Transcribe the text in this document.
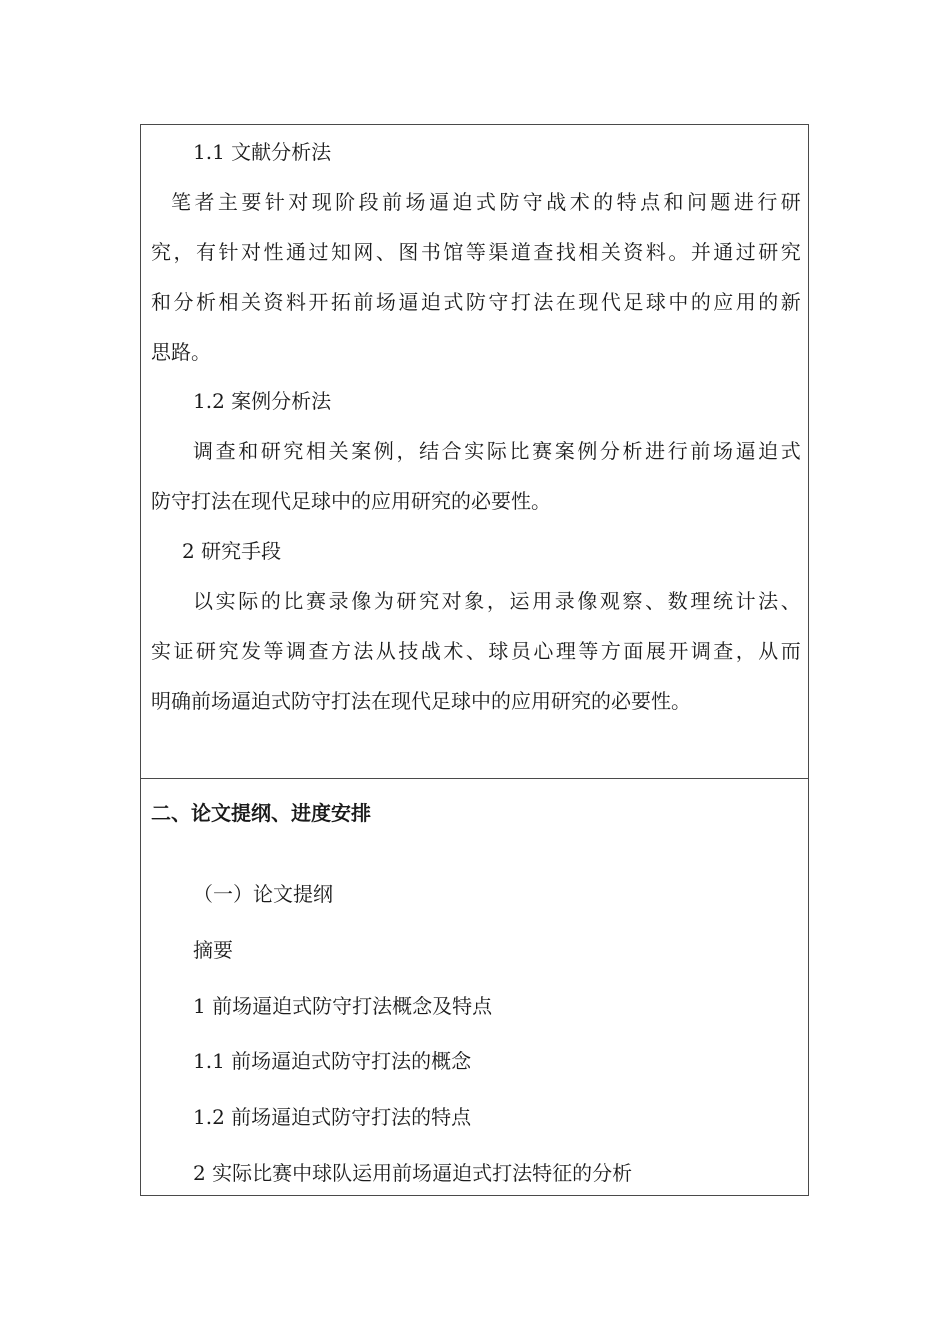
1.1 文献分析法
笔者主要针对现阶段前场逼迫式防守战术的特点和问题进行研
究，有针对性通过知网、图书馆等渠道查找相关资料。并通过研究
和分析相关资料开拓前场逼迫式防守打法在现代足球中的应用的新
思路。
1.2 案例分析法
调查和研究相关案例，结合实际比赛案例分析进行前场逼迫式
防守打法在现代足球中的应用研究的必要性。
2 研究手段
以实际的比赛录像为研究对象，运用录像观察、数理统计法、
实证研究发等调查方法从技战术、球员心理等方面展开调查，从而
明确前场逼迫式防守打法在现代足球中的应用研究的必要性。
二、论文提纲、进度安排
（一）论文提纲
摘要
1 前场逼迫式防守打法概念及特点
1.1 前场逼迫式防守打法的概念
1.2 前场逼迫式防守打法的特点
2 实际比赛中球队运用前场逼迫式打法特征的分析
